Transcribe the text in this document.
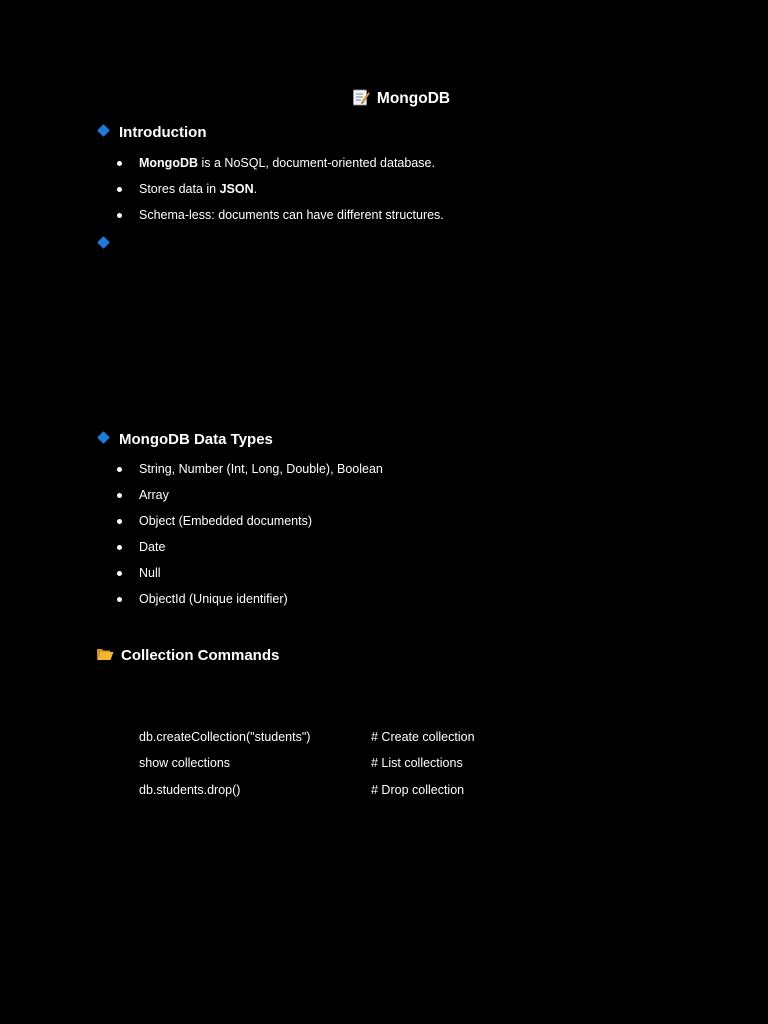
MongoDB
Introduction
MongoDB is a NoSQL, document-oriented database.
Stores data in JSON.
Schema-less: documents can have different structures.
MongoDB Data Types
String, Number (Int, Long, Double), Boolean
Array
Object (Embedded documents)
Date
Null
ObjectId (Unique identifier)
Collection Commands
db.createCollection("students")	# Create collection
show collections	# List collections
db.students.drop()	# Drop collection
